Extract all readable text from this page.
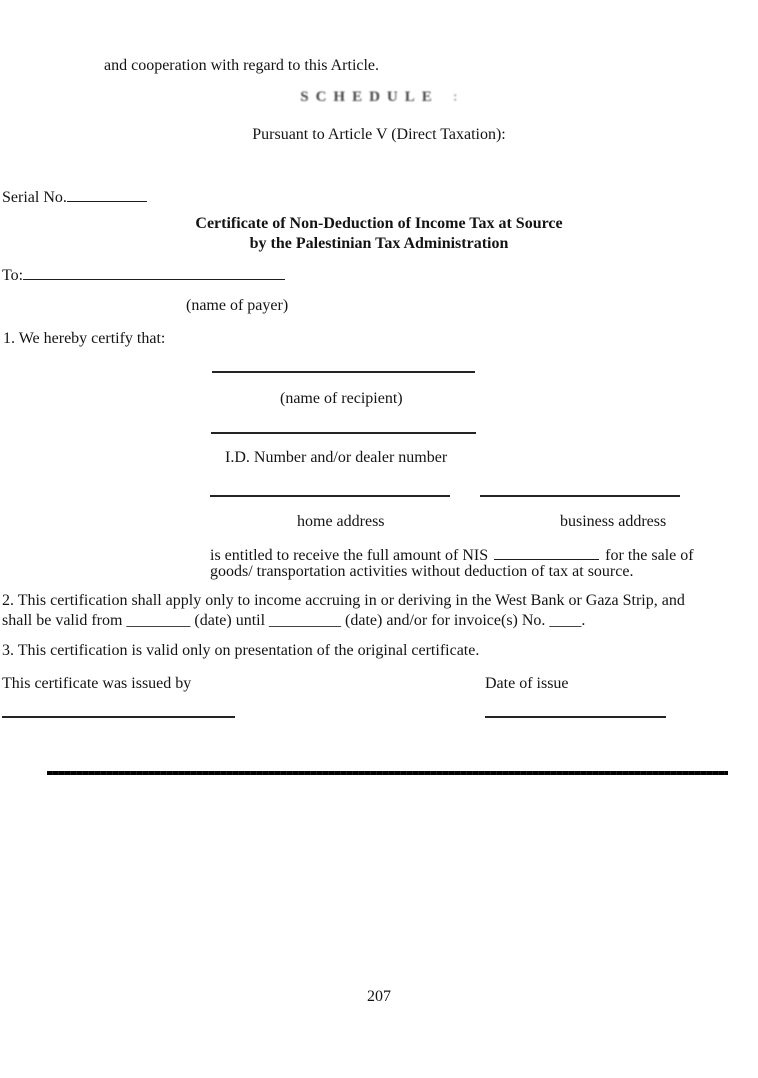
and cooperation with regard to this Article.
SCHEDULE :
Pursuant to Article V (Direct Taxation):
Serial No.
Certificate of Non-Deduction of Income Tax at Source
by the Palestinian Tax Administration
To:
(name of payer)
1. We hereby certify that:
(name of recipient)
I.D. Number and/or dealer number
home address	business address
is entitled to receive the full amount of NIS	for the sale of
goods/ transportation activities without deduction of tax at source.
2. This certification shall apply only to income accruing in or deriving in the West Bank or Gaza Strip, and
shall be valid from ________ (date) until _________ (date) and/or for invoice(s) No. ____.
3. This certification is valid only on presentation of the original certificate.
This certificate was issued by	Date of issue
207
